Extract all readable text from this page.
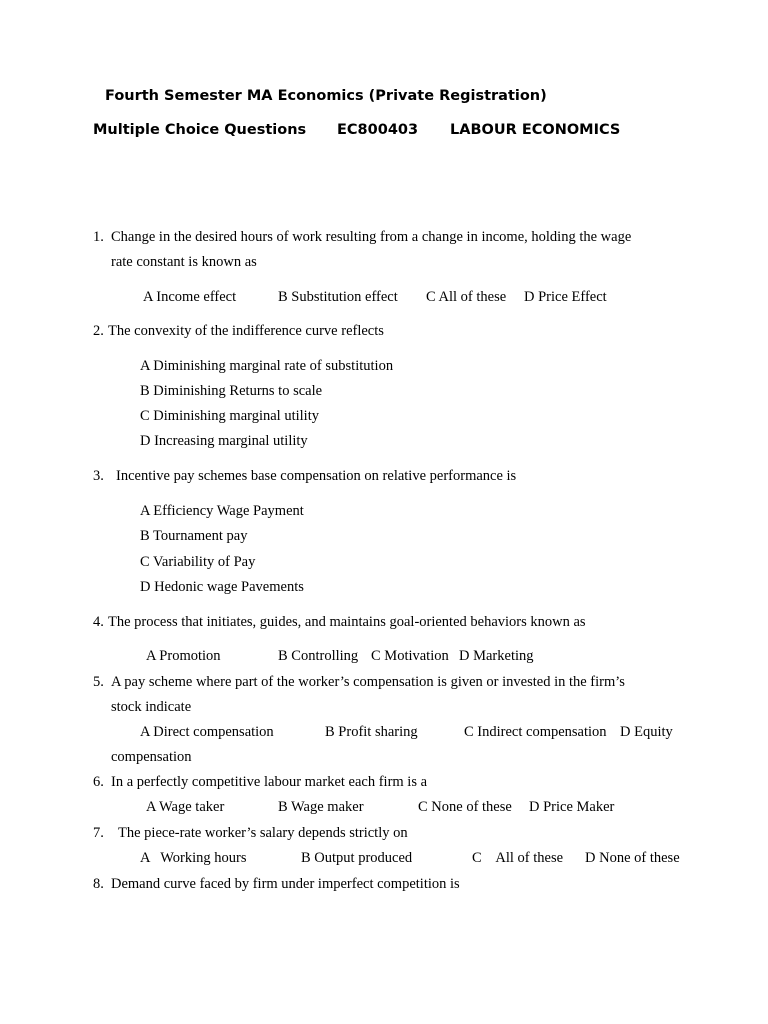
Fourth Semester MA Economics (Private Registration)
Multiple Choice Questions EC800403 LABOUR ECONOMICS
1. Change in the desired hours of work resulting from a change in income, holding the wage
rate constant is known as
A Income effect	B Substitution effect C All of these D Price Effect
2. The convexity of the indifference curve reflects
A Diminishing marginal rate of substitution
B Diminishing Returns to scale
C Diminishing marginal utility
D Increasing marginal utility
3. Incentive pay schemes base compensation on relative performance is
A Efficiency Wage Payment
B Tournament pay
C Variability of Pay
D Hedonic wage Pavements
4. The process that initiates, guides, and maintains goal-oriented behaviors known as
A Promotion	B Controlling C Motivation D Marketing
5. A pay scheme where part of the worker’s compensation is given or invested in the firm’s
stock indicate
A Direct compensation	B Profit sharing	C Indirect compensation D Equity
compensation
6. In a perfectly competitive labour market each firm is a
A Wage taker	B Wage maker	C None of these D Price Maker
7. The piece-rate worker’s salary depends strictly on
A   Working hours	B Output produced	C    All of these D None of these
8. Demand curve faced by firm under imperfect competition is
